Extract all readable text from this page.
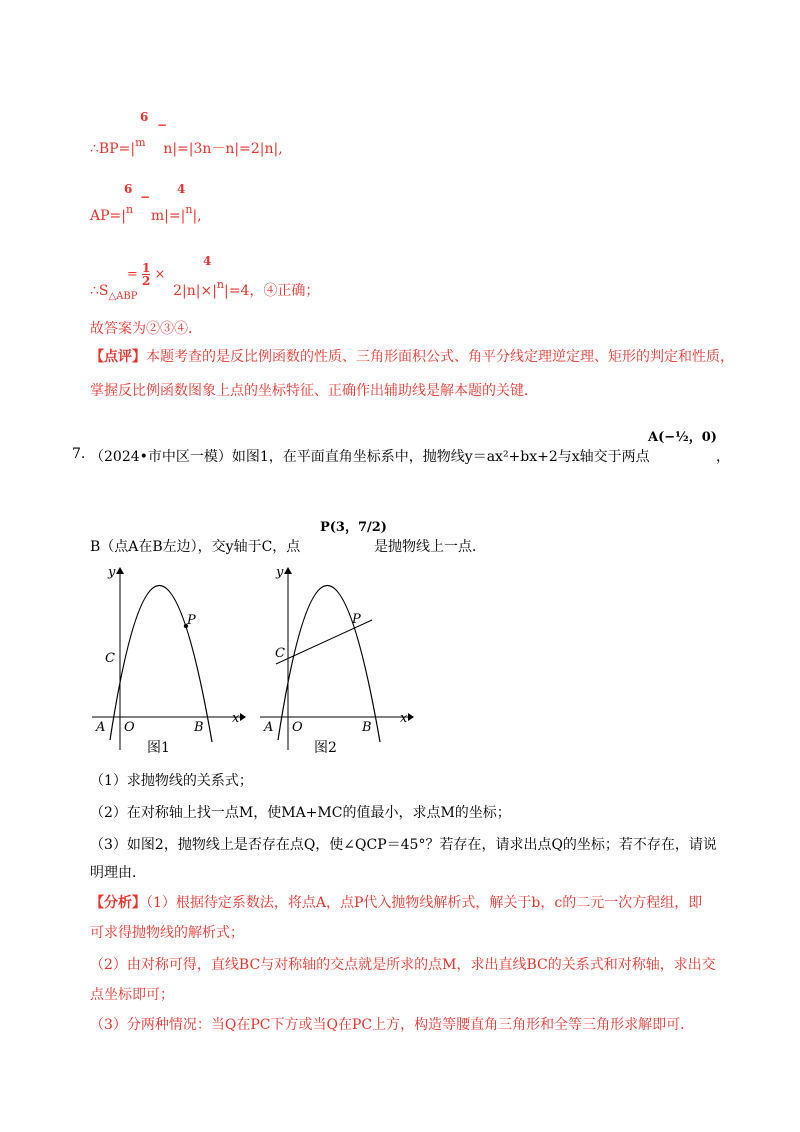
6
−
$\therefore BP=|^m$ n|=|3n－n|=2|n|,
6
−
4
$AP=|^n$ $m|=|^n|$,
4
= $\frac{1}{2}$ ×
$\therefore S_{\triangle ABP}$	$2|n|\times|^n|=4$，④正确；
故答案为②③④．
【点评】本题考查的是反比例函数的性质、三角形面积公式、角平分线定理逆定理、矩形的判定和性质，
掌握反比例函数图象上点的坐标特征、正确作出辅助线是解本题的关键．
7. （2024•市中区一模）如图1，在平面直角坐标系中，抛物线y＝ax²+bx+2与x轴交于两点
A(−½，0)
，
B（点A在B左边），交y轴于C，点
P(3，7/2)
是抛物线上一点．
y
x
O
A	B
C
P
图1
y
x
O
A	B
C
P
图2
（1）求抛物线的关系式；
（2）在对称轴上找一点M，使MA+MC的值最小，求点M的坐标；
（3）如图2，抛物线上是否存在点Q，使∠QCP＝45°？若存在，请求出点Q的坐标；若不存在，请说
明理由．
【分析】（1）根据待定系数法，将点A，点P代入抛物线解析式，解关于b，c的二元一次方程组，即
可求得抛物线的解析式；
（2）由对称可得，直线BC与对称轴的交点就是所求的点M，求出直线BC的关系式和对称轴，求出交
点坐标即可；
（3）分两种情况：当Q在PC下方或当Q在PC上方，构造等腰直角三角形和全等三角形求解即可．
